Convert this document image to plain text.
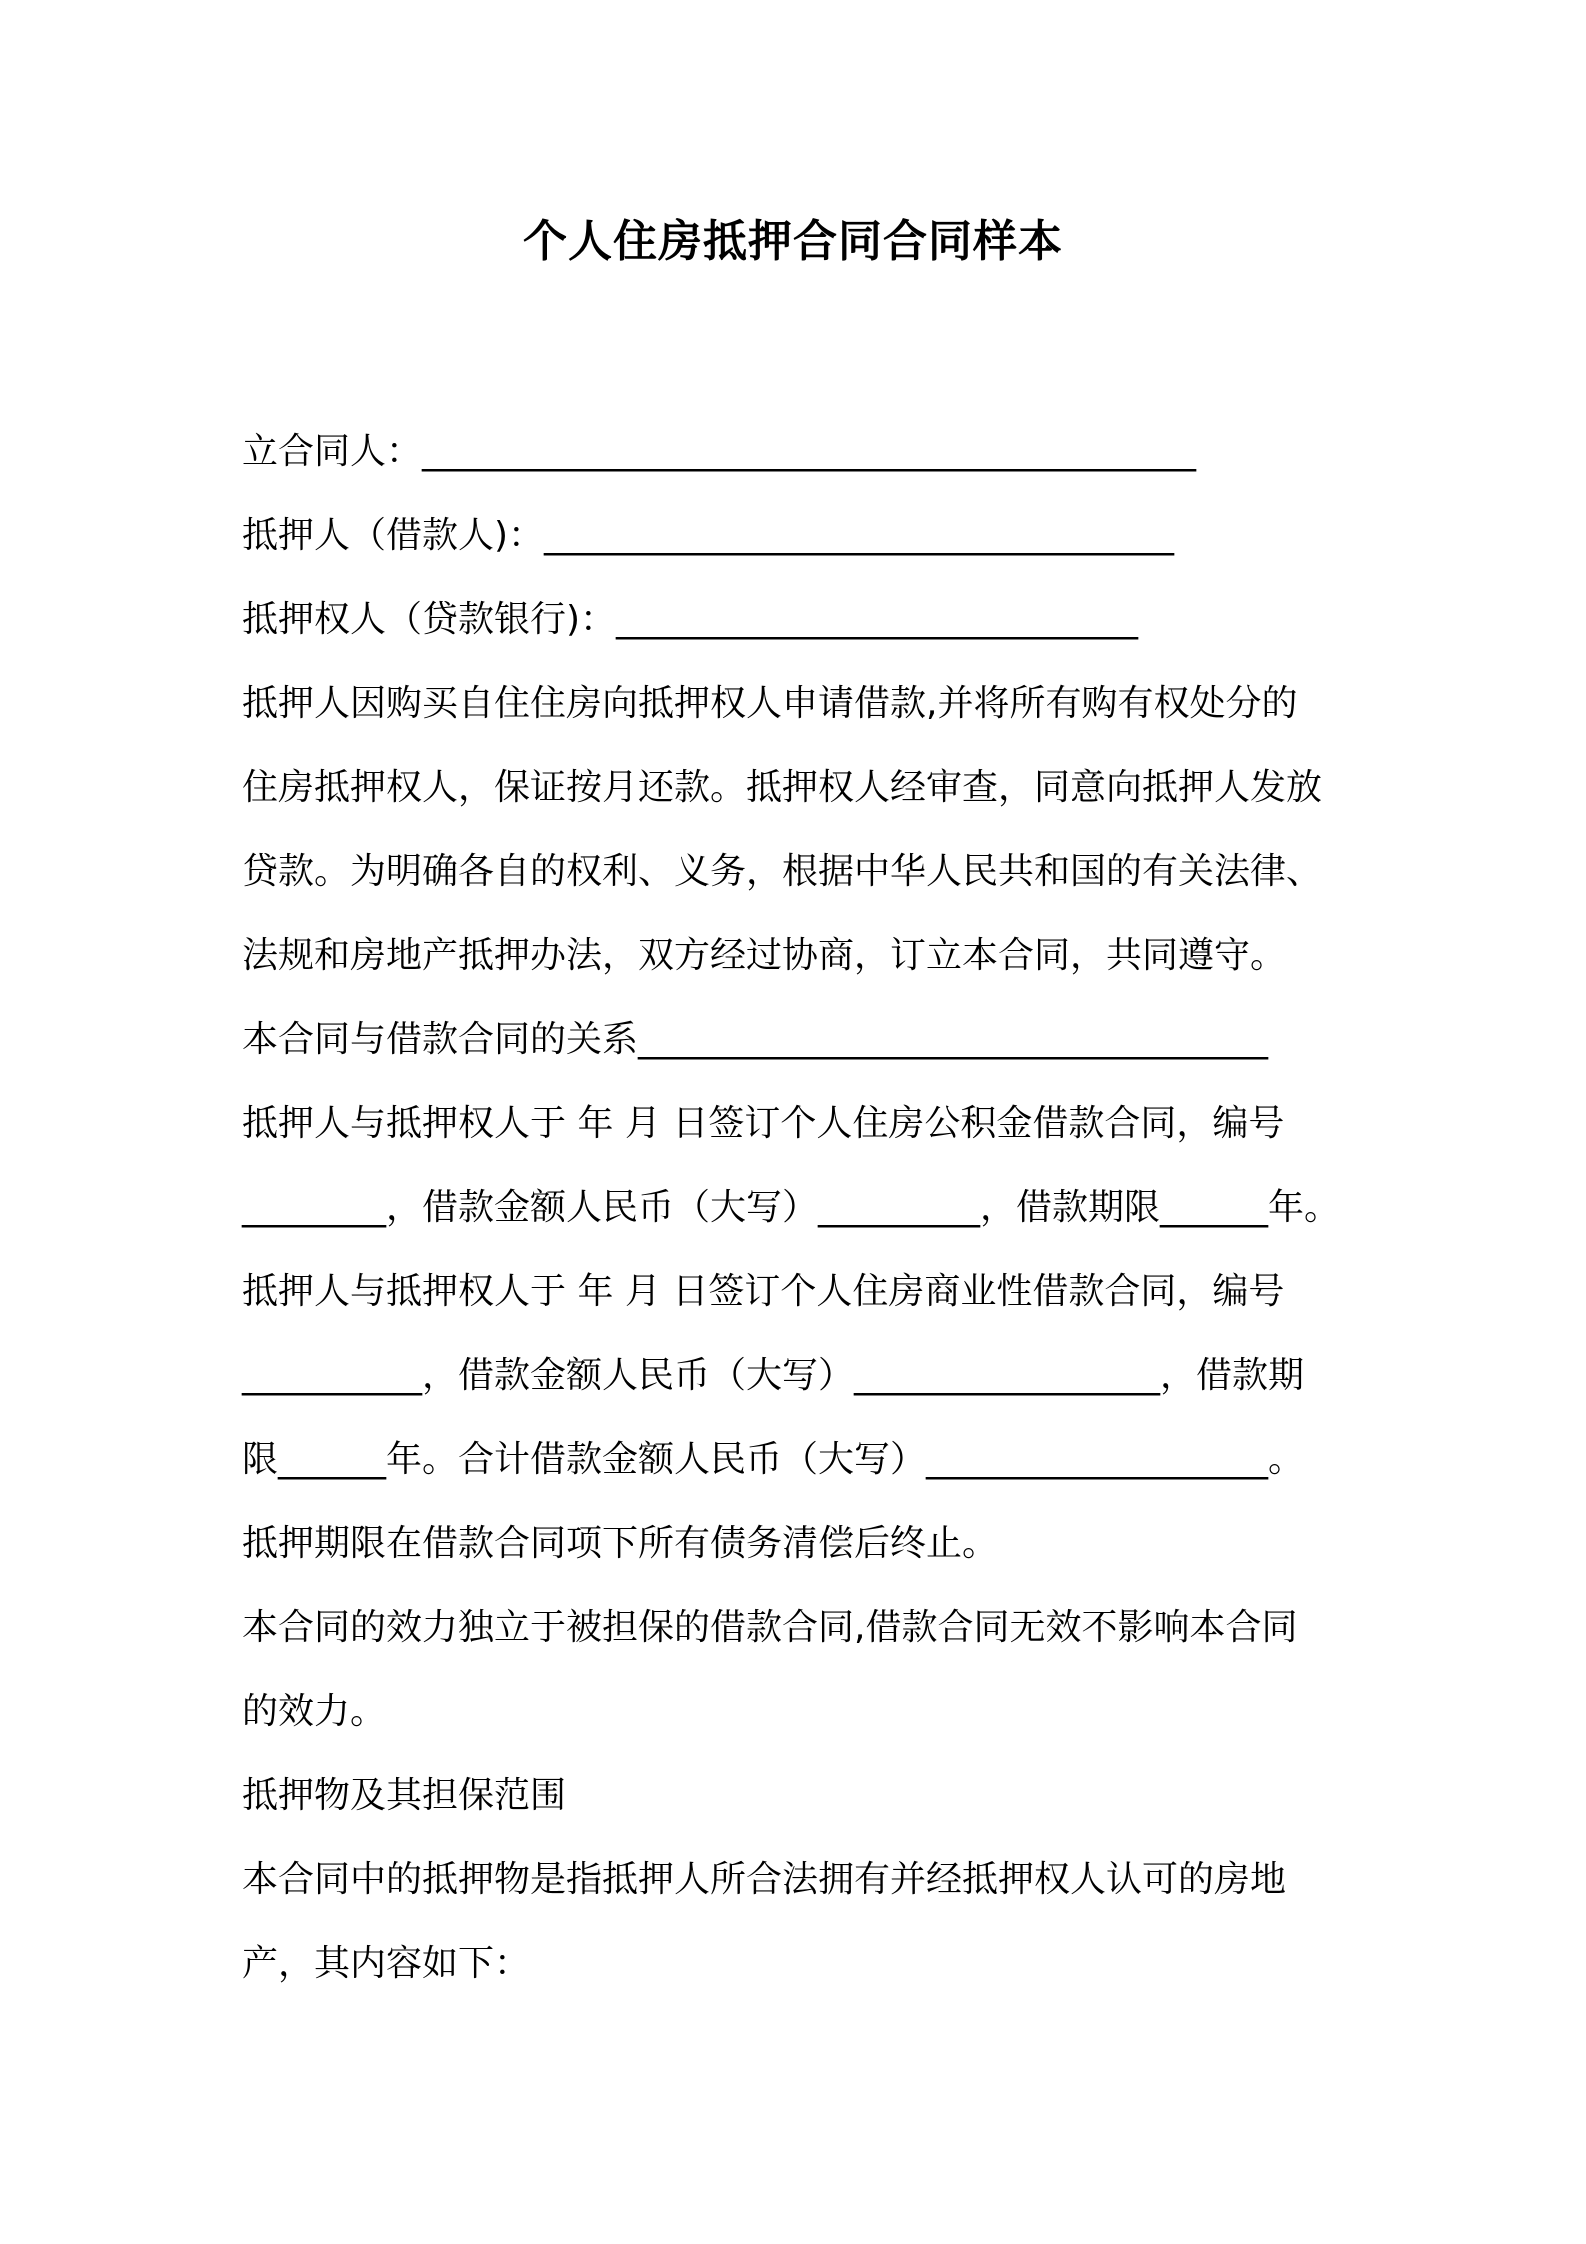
个人住房抵押合同合同样本
立合同人：___________________________________________
抵押人（借款人)：___________________________________
抵押权人（贷款银行)：_____________________________
抵押人因购买自住住房向抵押权人申请借款,并将所有购有权处分的
住房抵押权人，保证按月还款。抵押权人经审查，同意向抵押人发放
贷款。为明确各自的权利、义务，根据中华人民共和国的有关法律、
法规和房地产抵押办法，双方经过协商，订立本合同，共同遵守。
本合同与借款合同的关系___________________________________
抵押人与抵押权人于 年 月 日签订个人住房公积金借款合同，编号
________，借款金额人民币（大写）_________，借款期限______年。
抵押人与抵押权人于 年 月 日签订个人住房商业性借款合同，编号
__________，借款金额人民币（大写）_________________，借款期
限______年。合计借款金额人民币（大写）___________________。
抵押期限在借款合同项下所有债务清偿后终止。
本合同的效力独立于被担保的借款合同,借款合同无效不影响本合同
的效力。
抵押物及其担保范围
本合同中的抵押物是指抵押人所合法拥有并经抵押权人认可的房地
产，其内容如下：
